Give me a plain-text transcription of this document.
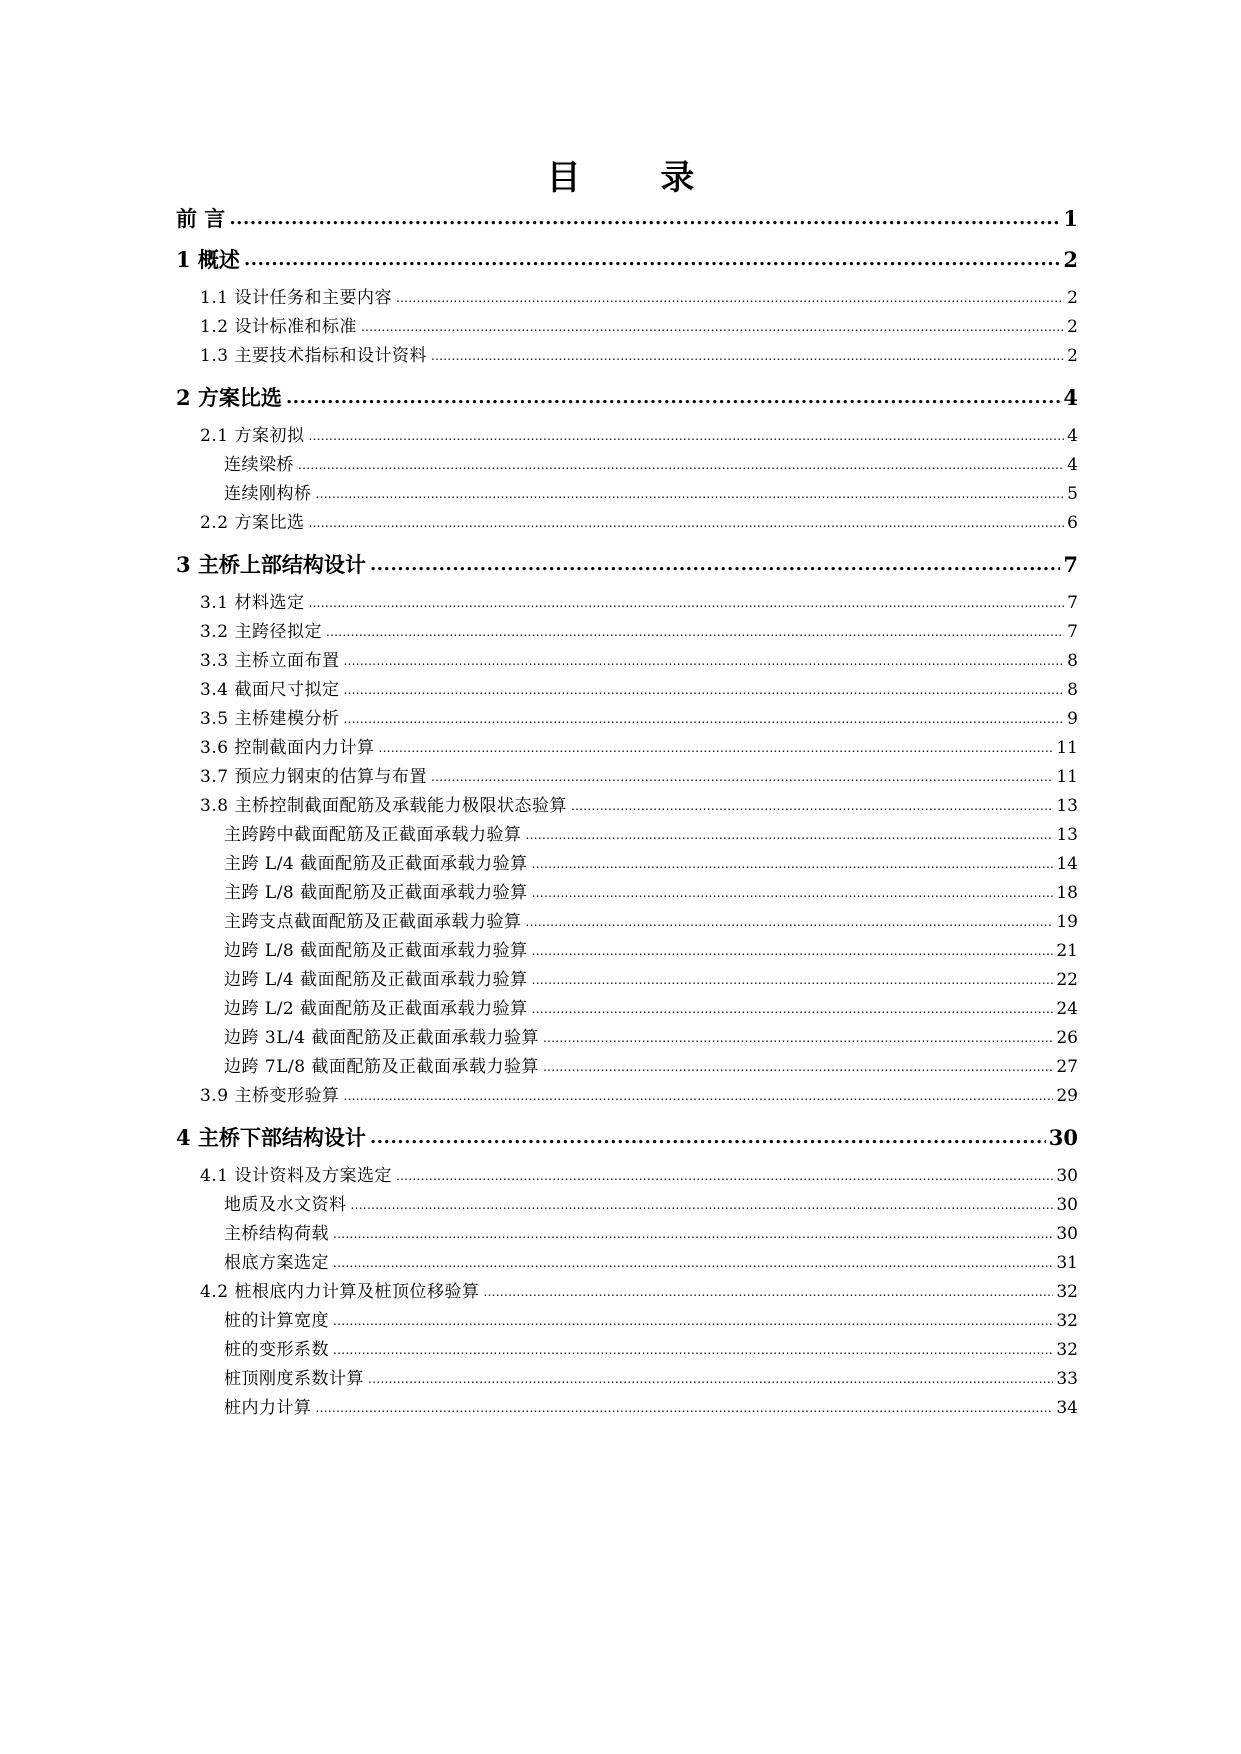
目 录
前 言 .....	1
1 概述 .....	2
1.1 设计任务和主要内容 .....	2
1.2 设计标准和标准 .....	2
1.3 主要技术指标和设计资料 .....	2
2 方案比选 .....	4
2.1 方案初拟 .....	4
连续梁桥 .....	4
连续刚构桥 .....	5
2.2 方案比选 .....	6
3 主桥上部结构设计 .....	7
3.1 材料选定 .....	7
3.2 主跨径拟定 .....	7
3.3 主桥立面布置 .....	8
3.4 截面尺寸拟定 .....	8
3.5 主桥建模分析 .....	9
3.6 控制截面内力计算 .....	11
3.7 预应力钢束的估算与布置 .....	11
3.8 主桥控制截面配筋及承载能力极限状态验算 .....	13
主跨跨中截面配筋及正截面承载力验算 .....	13
主跨 L/4 截面配筋及正截面承载力验算 .....	14
主跨 L/8 截面配筋及正截面承载力验算 .....	18
主跨支点截面配筋及正截面承载力验算 .....	19
边跨 L/8 截面配筋及正截面承载力验算 .....	21
边跨 L/4 截面配筋及正截面承载力验算 .....	22
边跨 L/2 截面配筋及正截面承载力验算 .....	24
边跨 3L/4 截面配筋及正截面承载力验算 .....	26
边跨 7L/8 截面配筋及正截面承载力验算 .....	27
3.9 主桥变形验算 .....	29
4 主桥下部结构设计 .....	30
4.1 设计资料及方案选定 .....	30
地质及水文资料 .....	30
主桥结构荷载 .....	30
根底方案选定 .....	31
4.2 桩根底内力计算及桩顶位移验算 .....	32
桩的计算宽度 .....	32
桩的变形系数 .....	32
桩顶刚度系数计算 .....	33
桩内力计算 .....	34
